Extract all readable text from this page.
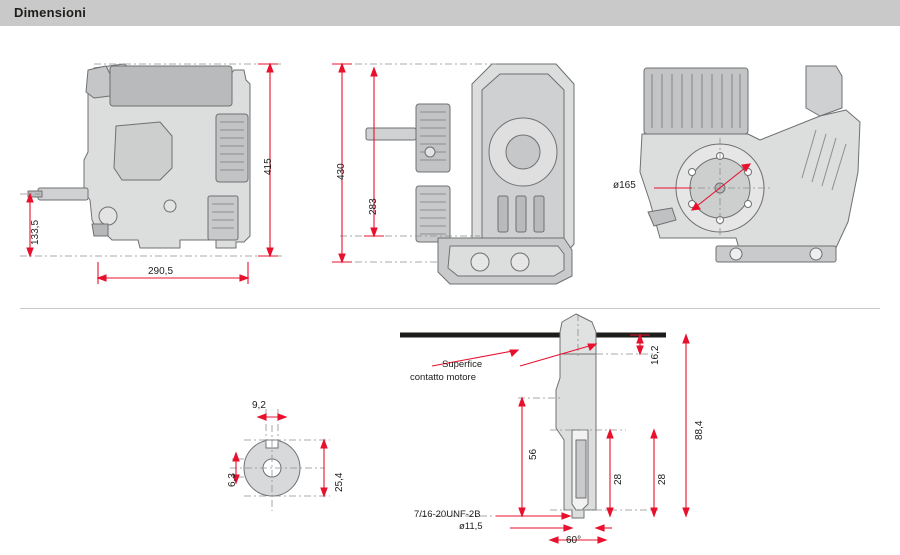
Dimensioni
415
133,5
290,5
430
283
ø165
9,2
6,3	25,4
16,2
88,4
56
28	28
60°
Superfice
contatto motore
7/16-20UNF-2B
ø11,5
